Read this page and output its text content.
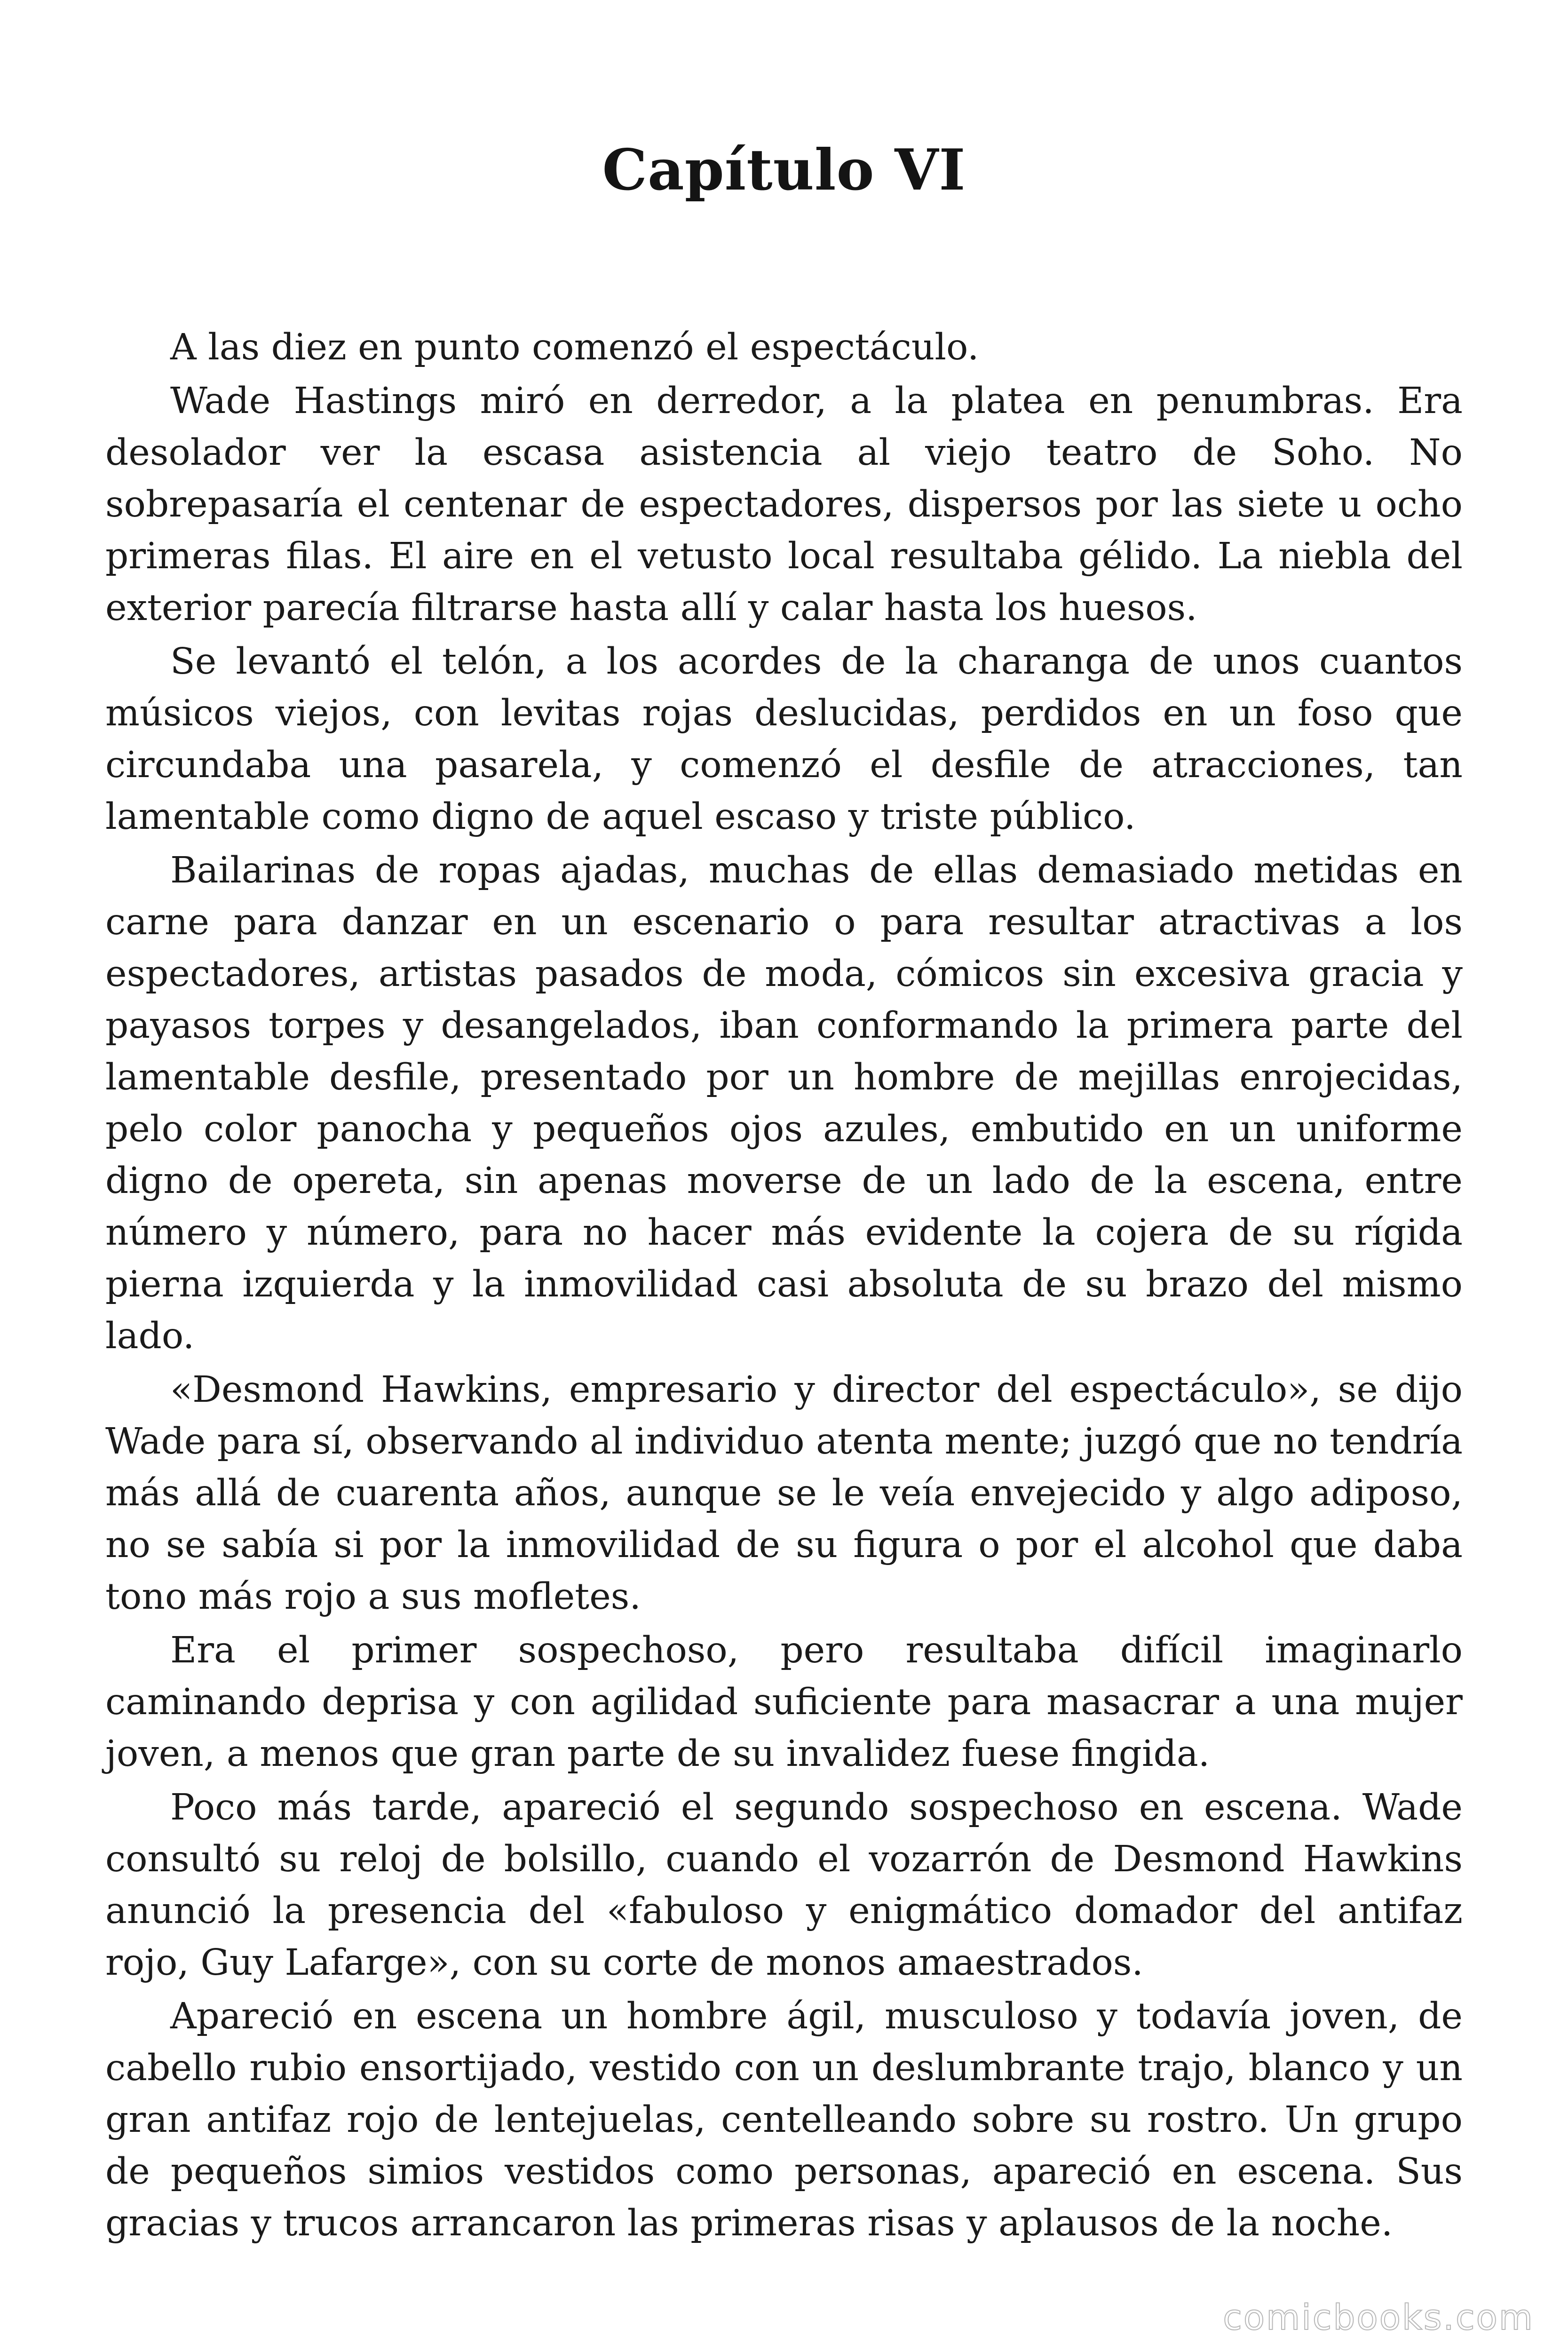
Capítulo VI

A las diez en punto comenzó el espectáculo.

Wade Hastings miró en derredor, a la platea en penumbras. Era desolador ver la escasa asistencia al viejo teatro de Soho. No sobrepasaría el centenar de espectadores, dispersos por las siete u ocho primeras filas. El aire en el vetusto local resultaba gélido. La niebla del exterior parecía filtrarse hasta allí y calar hasta los huesos.

Se levantó el telón, a los acordes de la charanga de unos cuantos músicos viejos, con levitas rojas deslucidas, perdidos en un foso que circundaba una pasarela, y comenzó el desfile de atracciones, tan lamentable como digno de aquel escaso y triste público.

Bailarinas de ropas ajadas, muchas de ellas demasiado metidas en carne para danzar en un escenario o para resultar atractivas a los espectadores, artistas pasados de moda, cómicos sin excesiva gracia y payasos torpes y desangelados, iban conformando la primera parte del lamentable desfile, presentado por un hombre de mejillas enrojecidas, pelo color panocha y pequeños ojos azules, embutido en un uniforme digno de opereta, sin apenas moverse de un lado de la escena, entre número y número, para no hacer más evidente la cojera de su rígida pierna izquierda y la inmovilidad casi absoluta de su brazo del mismo lado.

«Desmond Hawkins, empresario y director del espectáculo», se dijo Wade para sí, observando al individuo atenta mente; juzgó que no tendría más allá de cuarenta años, aunque se le veía envejecido y algo adiposo, no se sabía si por la inmovilidad de su figura o por el alcohol que daba tono más rojo a sus mofletes.

Era el primer sospechoso, pero resultaba difícil imaginarlo caminando deprisa y con agilidad suficiente para masacrar a una mujer joven, a menos que gran parte de su invalidez fuese fingida.

Poco más tarde, apareció el segundo sospechoso en escena. Wade consultó su reloj de bolsillo, cuando el vozarrón de Desmond Hawkins anunció la presencia del «fabuloso y enigmático domador del antifaz rojo, Guy Lafarge», con su corte de monos amaestrados.

Apareció en escena un hombre ágil, musculoso y todavía joven, de cabello rubio ensortijado, vestido con un deslumbrante trajo, blanco y un gran antifaz rojo de lentejuelas, centelleando sobre su rostro. Un grupo de pequeños simios vestidos como personas, apareció en escena. Sus gracias y trucos arrancaron las primeras risas y aplausos de la noche.

comicbooks.com
